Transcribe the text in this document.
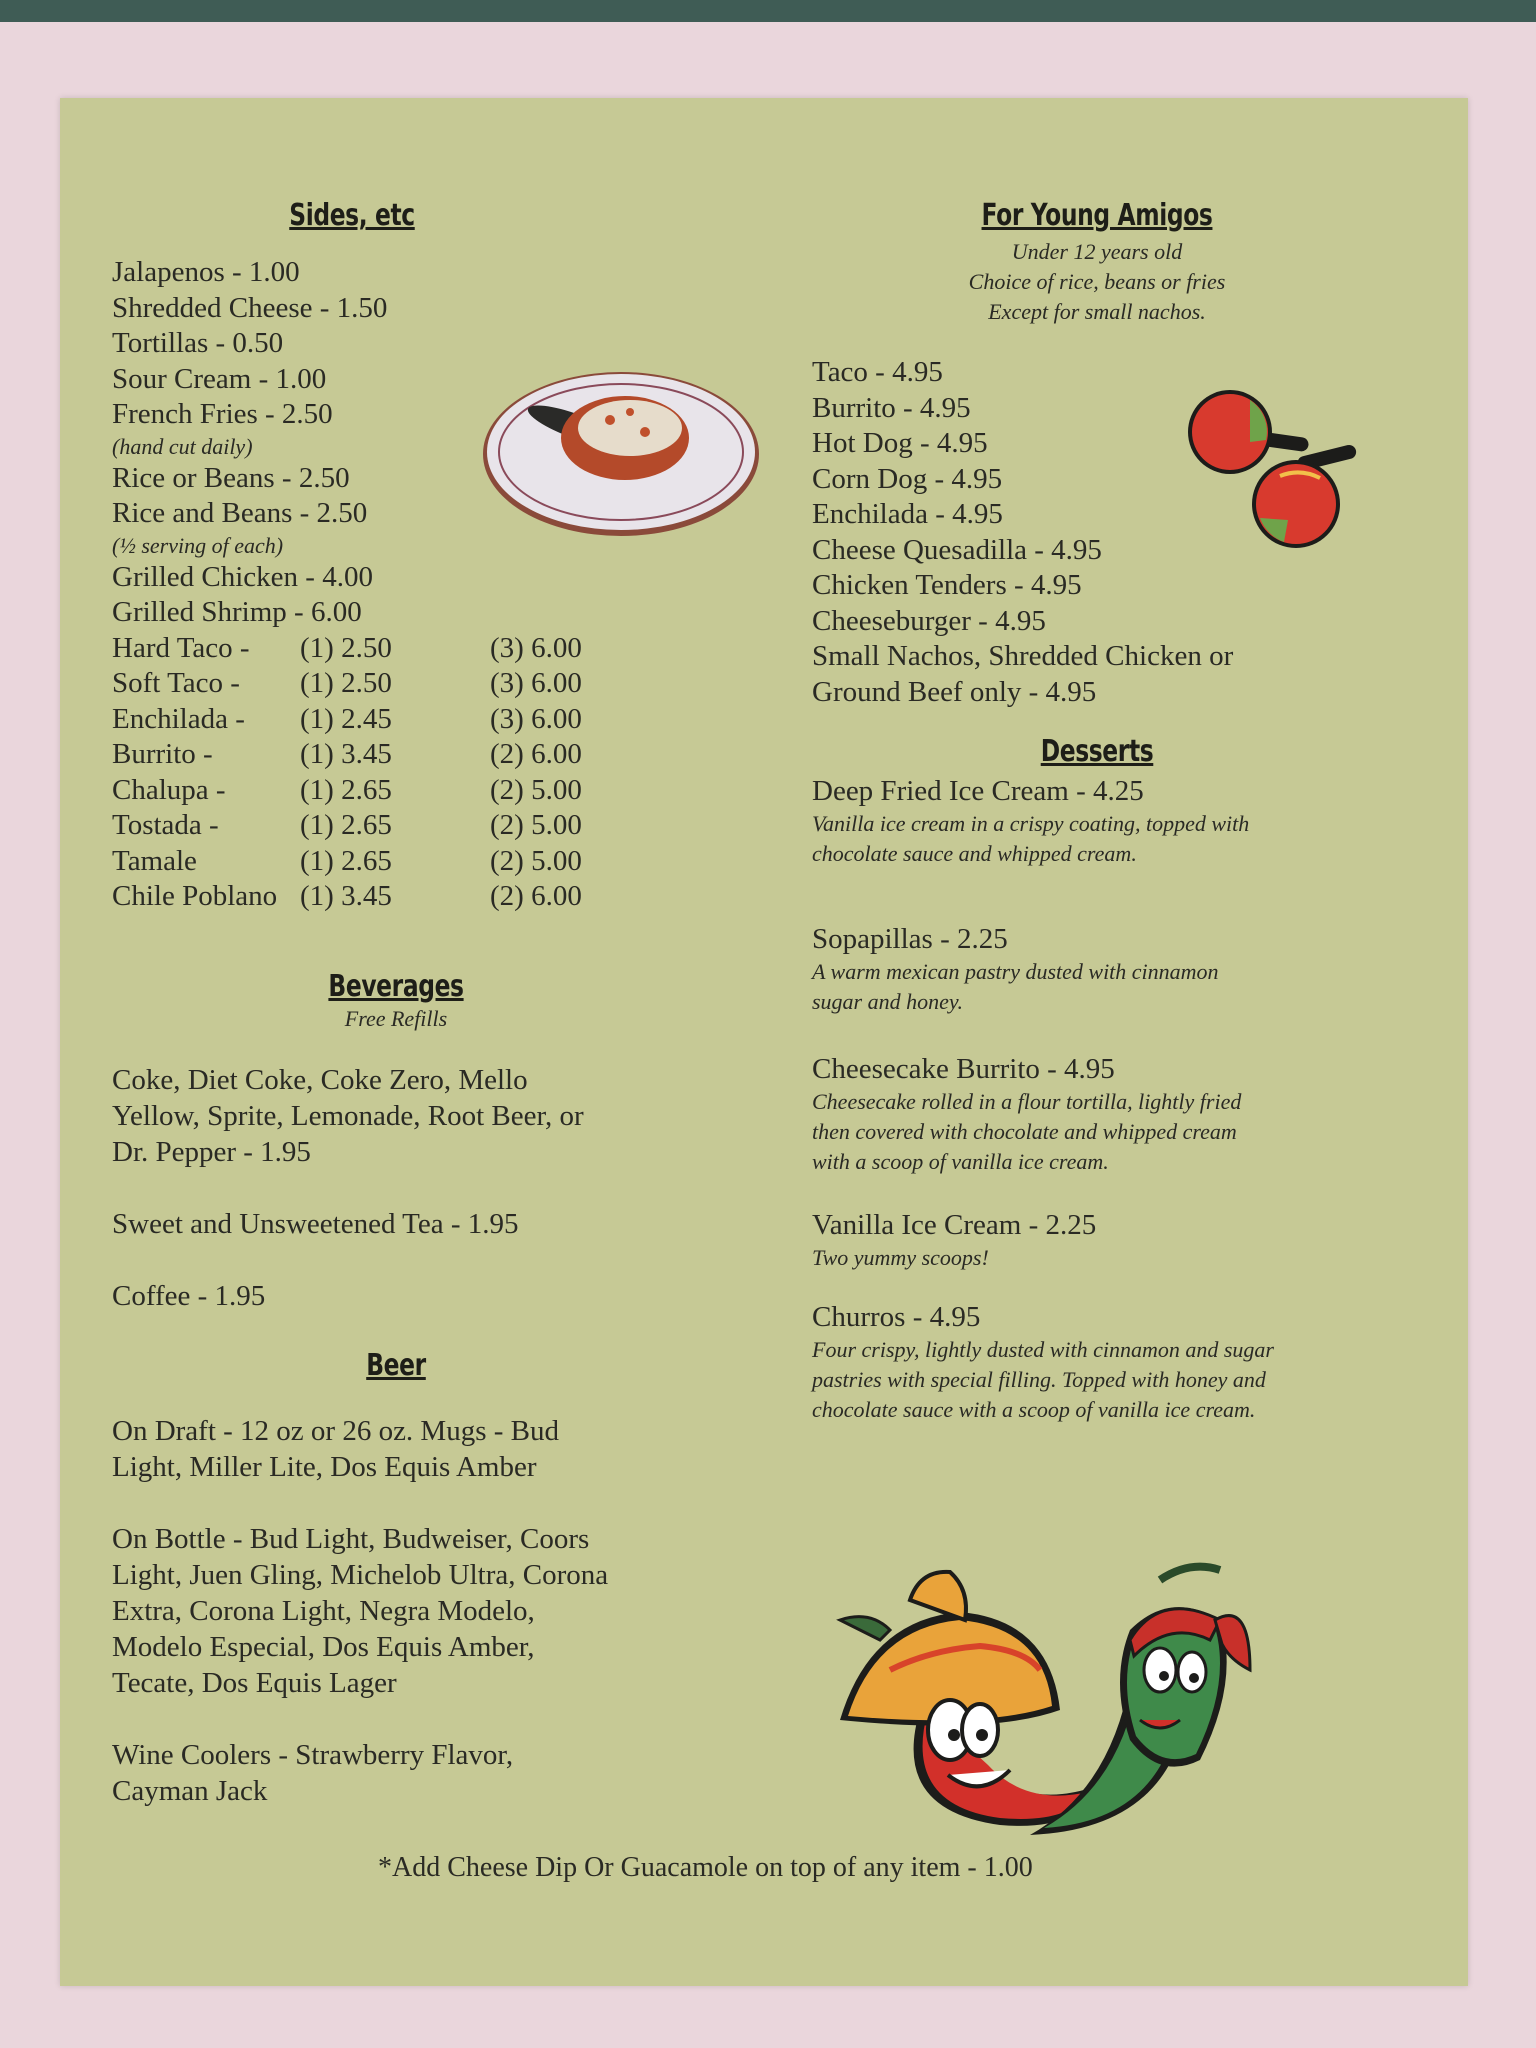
Sides, etc
Jalapenos - 1.00
Shredded Cheese - 1.50
Tortillas - 0.50
Sour Cream - 1.00
French Fries - 2.50
(hand cut daily)
Rice or Beans - 2.50
Rice and Beans - 2.50
(½ serving of each)
Grilled Chicken - 4.00
Grilled Shrimp - 6.00
Hard Taco -	(1) 2.50	(3) 6.00
Soft Taco -	(1) 2.50	(3) 6.00
Enchilada -	(1) 2.45	(3) 6.00
Burrito -	(1) 3.45	(2) 6.00
Chalupa -	(1) 2.65	(2) 5.00
Tostada -	(1) 2.65	(2) 5.00
Tamale	(1) 2.65	(2) 5.00
Chile Poblano (1) 3.45	(2) 6.00
Beverages
Free Refills
Coke, Diet Coke, Coke Zero, Mello
Yellow, Sprite, Lemonade, Root Beer, or
Dr. Pepper - 1.95
Sweet and Unsweetened Tea - 1.95
Coffee - 1.95
Beer
On Draft - 12 oz or 26 oz. Mugs - Bud
Light, Miller Lite, Dos Equis Amber
On Bottle - Bud Light, Budweiser, Coors
Light, Juen Gling, Michelob Ultra, Corona
Extra, Corona Light, Negra Modelo,
Modelo Especial, Dos Equis Amber,
Tecate, Dos Equis Lager
Wine Coolers - Strawberry Flavor,
Cayman Jack
For Young Amigos
Under 12 years old
Choice of rice, beans or fries
Except for small nachos.
Taco - 4.95
Burrito - 4.95
Hot Dog - 4.95
Corn Dog - 4.95
Enchilada - 4.95
Cheese Quesadilla - 4.95
Chicken Tenders - 4.95
Cheeseburger - 4.95
Small Nachos, Shredded Chicken or
Ground Beef only - 4.95
Desserts
Deep Fried Ice Cream - 4.25
Vanilla ice cream in a crispy coating, topped with
chocolate sauce and whipped cream.
Sopapillas - 2.25
A warm mexican pastry dusted with cinnamon
sugar and honey.
Cheesecake Burrito - 4.95
Cheesecake rolled in a flour tortilla, lightly fried
then covered with chocolate and whipped cream
with a scoop of vanilla ice cream.
Vanilla Ice Cream - 2.25
Two yummy scoops!
Churros - 4.95
Four crispy, lightly dusted with cinnamon and sugar
pastries with special filling. Topped with honey and
chocolate sauce with a scoop of vanilla ice cream.
*Add Cheese Dip Or Guacamole on top of any item - 1.00
